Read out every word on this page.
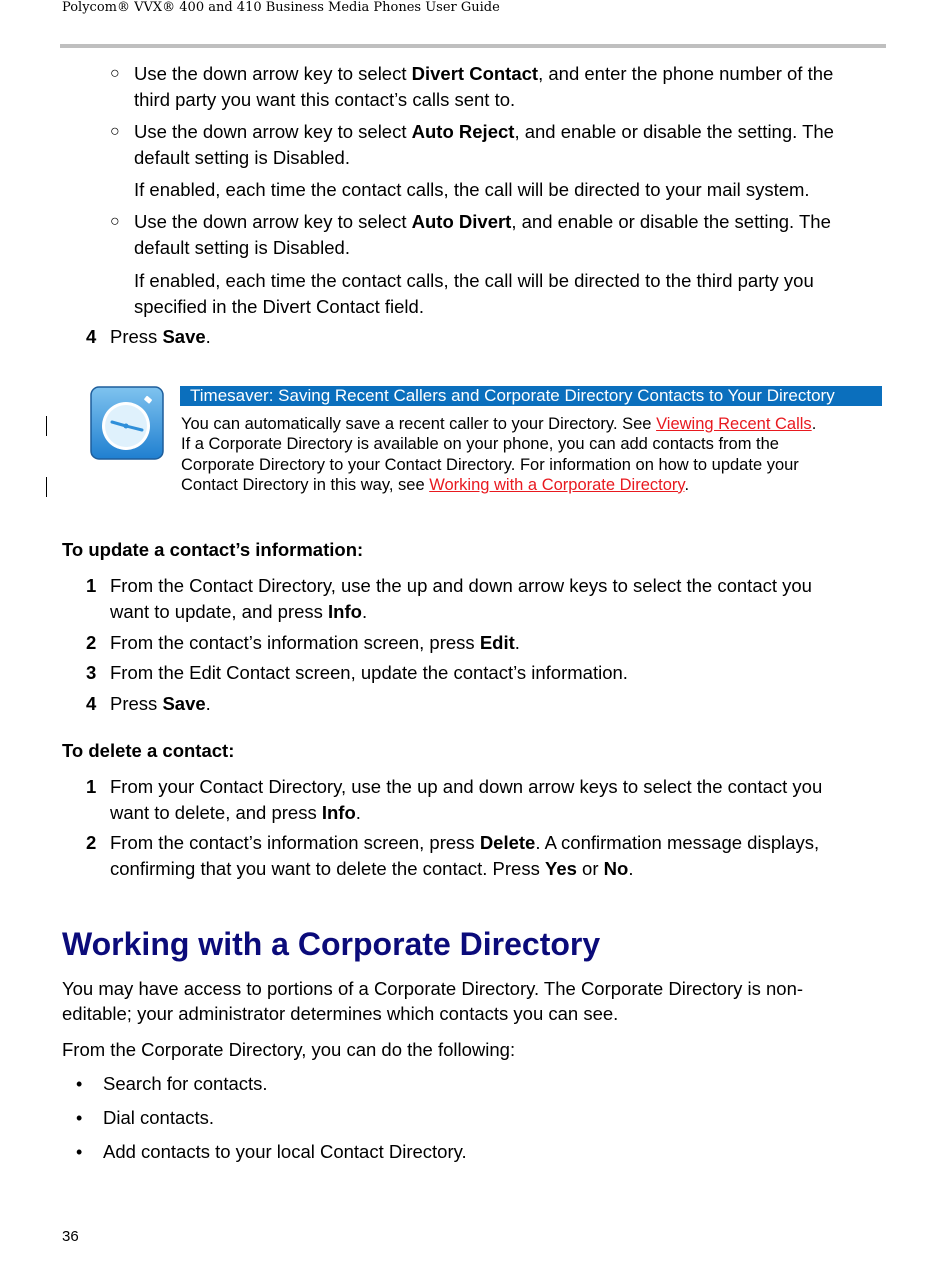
Polycom® VVX® 400 and 410 Business Media Phones User Guide
○ Use the down arrow key to select Divert Contact, and enter the phone number of the
third party you want this contact’s calls sent to.
○ Use the down arrow key to select Auto Reject, and enable or disable the setting. The
default setting is Disabled.
If enabled, each time the contact calls, the call will be directed to your mail system.
○ Use the down arrow key to select Auto Divert, and enable or disable the setting. The
default setting is Disabled.
If enabled, each time the contact calls, the call will be directed to the third party you
specified in the Divert Contact field.
4 Press Save.
Timesaver: Saving Recent Callers and Corporate Directory Contacts to Your Directory
You can automatically save a recent caller to your Directory. See Viewing Recent Calls.
If a Corporate Directory is available on your phone, you can add contacts from the
Corporate Directory to your Contact Directory. For information on how to update your
Contact Directory in this way, see Working with a Corporate Directory.
To update a contact’s information:
1 From the Contact Directory, use the up and down arrow keys to select the contact you
want to update, and press Info.
2 From the contact’s information screen, press Edit.
3 From the Edit Contact screen, update the contact’s information.
4 Press Save.
To delete a contact:
1 From your Contact Directory, use the up and down arrow keys to select the contact you
want to delete, and press Info.
2 From the contact’s information screen, press Delete. A confirmation message displays,
confirming that you want to delete the contact. Press Yes or No.
Working with a Corporate Directory
You may have access to portions of a Corporate Directory. The Corporate Directory is non-
editable; your administrator determines which contacts you can see.
From the Corporate Directory, you can do the following:
• Search for contacts.
• Dial contacts.
• Add contacts to your local Contact Directory.
36
